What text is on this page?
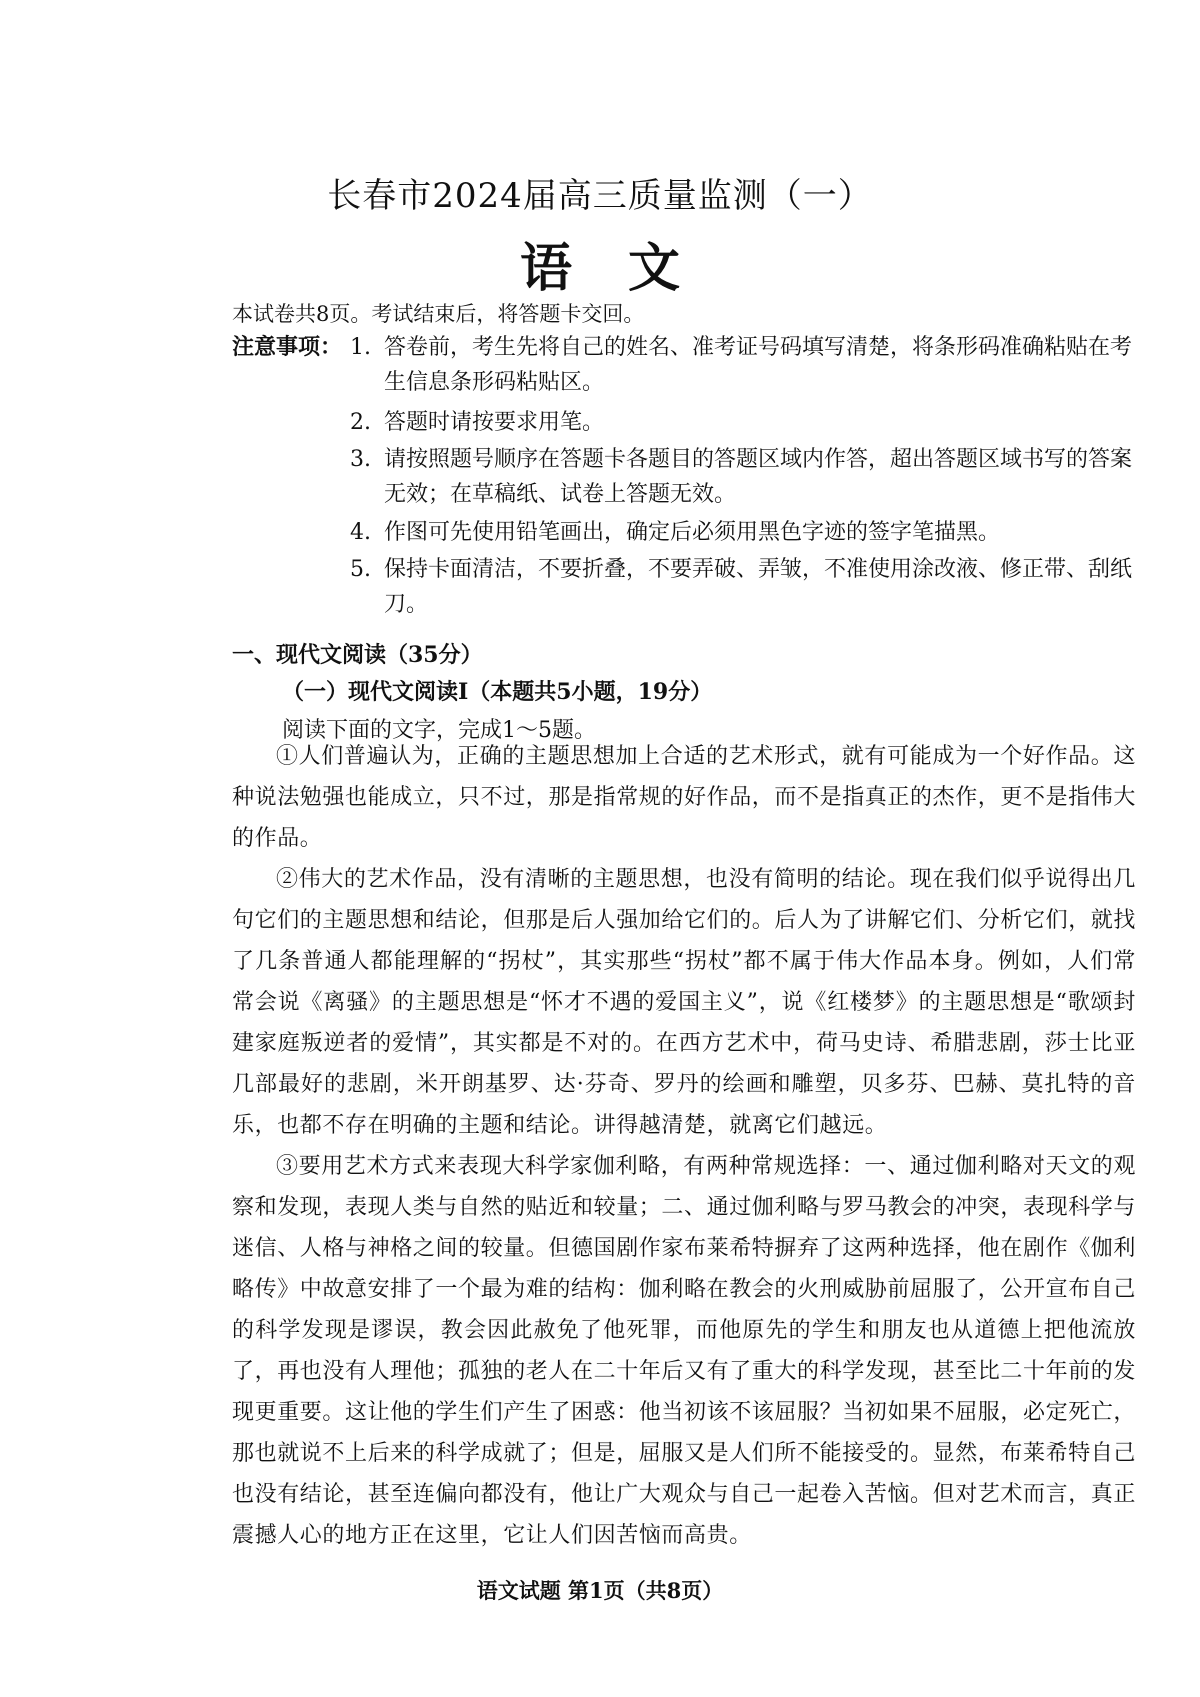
长春市2024届高三质量监测（一）
语文
本试卷共8页。考试结束后，将答题卡交回。
注意事项： 1. 答卷前，考生先将自己的姓名、准考证号码填写清楚，将条形码准确粘贴在考生信息条形码粘贴区。
2. 答题时请按要求用笔。
3. 请按照题号顺序在答题卡各题目的答题区域内作答，超出答题区域书写的答案无效；在草稿纸、试卷上答题无效。
4. 作图可先使用铅笔画出，确定后必须用黑色字迹的签字笔描黑。
5. 保持卡面清洁，不要折叠，不要弄破、弄皱，不准使用涂改液、修正带、刮纸刀。
一、现代文阅读（35分）
（一）现代文阅读Ⅰ（本题共5小题，19分）
阅读下面的文字，完成1～5题。

①人们普遍认为，正确的主题思想加上合适的艺术形式，就有可能成为一个好作品。这种说法勉强也能成立，只不过，那是指常规的好作品，而不是指真正的杰作，更不是指伟大的作品。

②伟大的艺术作品，没有清晰的主题思想，也没有简明的结论。现在我们似乎说得出几句它们的主题思想和结论，但那是后人强加给它们的。后人为了讲解它们、分析它们，就找了几条普通人都能理解的“拐杖”，其实那些“拐杖”都不属于伟大作品本身。例如，人们常常会说《离骚》的主题思想是“怀才不遇的爱国主义”，说《红楼梦》的主题思想是“歌颂封建家庭叛逆者的爱情”，其实都是不对的。在西方艺术中，荷马史诗、希腊悲剧，莎士比亚几部最好的悲剧，米开朗基罗、达·芬奇、罗丹的绘画和雕塑，贝多芬、巴赫、莫扎特的音乐，也都不存在明确的主题和结论。讲得越清楚，就离它们越远。

③要用艺术方式来表现大科学家伽利略，有两种常规选择：一、通过伽利略对天文的观察和发现，表现人类与自然的贴近和较量；二、通过伽利略与罗马教会的冲突，表现科学与迷信、人格与神格之间的较量。但德国剧作家布莱希特摒弃了这两种选择，他在剧作《伽利略传》中故意安排了一个最为难的结构：伽利略在教会的火刑威胁前屈服了，公开宣布自己的科学发现是谬误，教会因此赦免了他死罪，而他原先的学生和朋友也从道德上把他流放了，再也没有人理他；孤独的老人在二十年后又有了重大的科学发现，甚至比二十年前的发现更重要。这让他的学生们产生了困惑：他当初该不该屈服？当初如果不屈服，必定死亡，那也就说不上后来的科学成就了；但是，屈服又是人们所不能接受的。显然，布莱希特自己也没有结论，甚至连偏向都没有，他让广大观众与自己一起卷入苦恼。但对艺术而言，真正震撼人心的地方正在这里，它让人们因苦恼而高贵。

语文试题 第1页（共8页）
